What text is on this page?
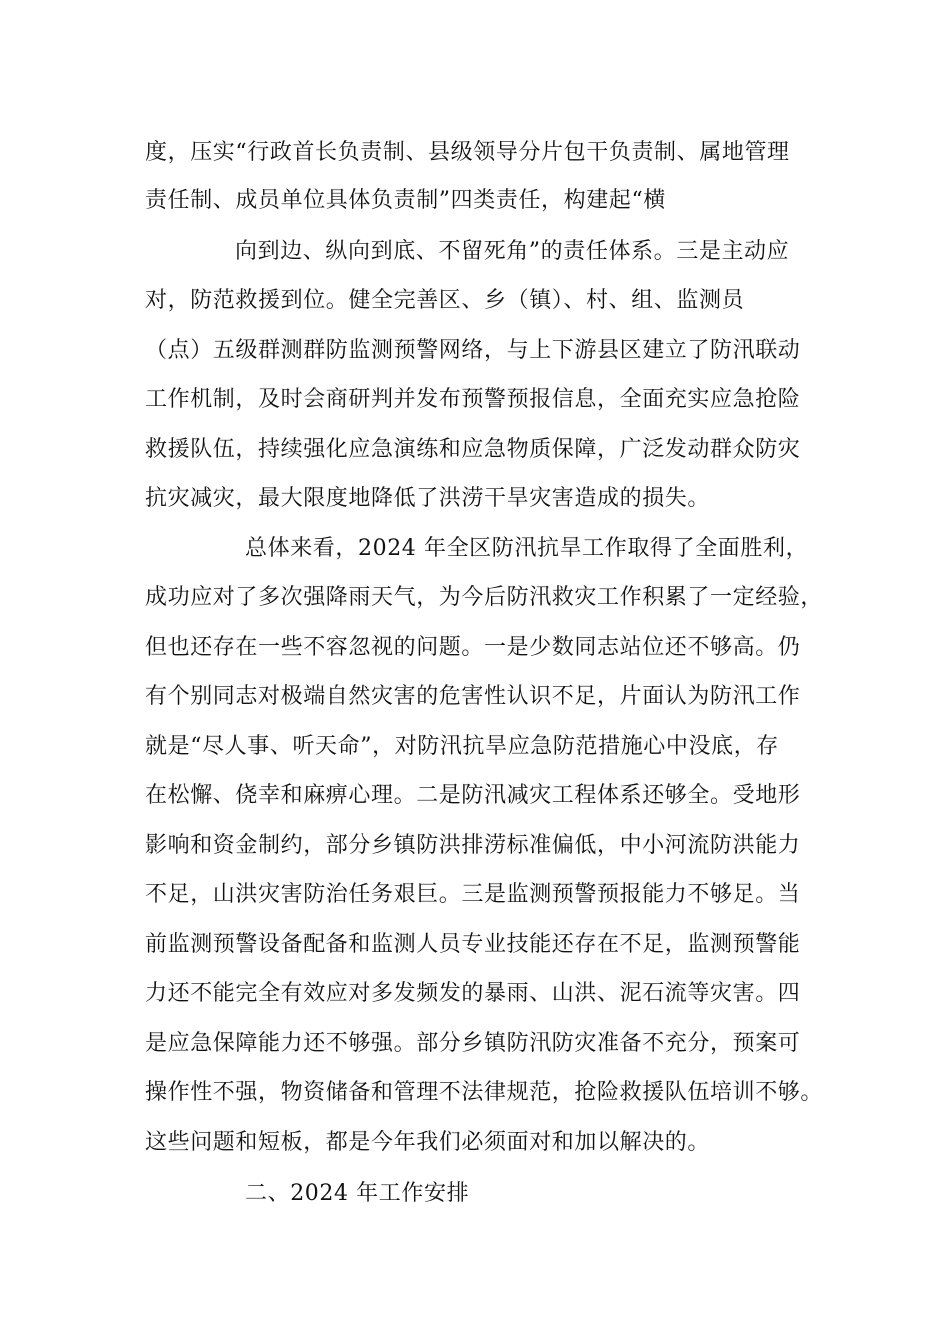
度，压实“行政首长负责制、县级领导分片包干负责制、属地管理
责任制、成员单位具体负责制”四类责任，构建起“横
向到边、纵向到底、不留死角”的责任体系。三是主动应
对，防范救援到位。健全完善区、乡（镇）、村、组、监测员
（点）五级群测群防监测预警网络，与上下游县区建立了防汛联动
工作机制，及时会商研判并发布预警预报信息，全面充实应急抢险
救援队伍，持续强化应急演练和应急物质保障，广泛发动群众防灾
抗灾减灾，最大限度地降低了洪涝干旱灾害造成的损失。
总体来看，2024 年全区防汛抗旱工作取得了全面胜利，
成功应对了多次强降雨天气，为今后防汛救灾工作积累了一定经验，
但也还存在一些不容忽视的问题。一是少数同志站位还不够高。仍
有个别同志对极端自然灾害的危害性认识不足，片面认为防汛工作
就是“尽人事、听天命”，对防汛抗旱应急防范措施心中没底，存
在松懈、侥幸和麻痹心理。二是防汛减灾工程体系还够全。受地形
影响和资金制约，部分乡镇防洪排涝标准偏低，中小河流防洪能力
不足，山洪灾害防治任务艰巨。三是监测预警预报能力不够足。当
前监测预警设备配备和监测人员专业技能还存在不足，监测预警能
力还不能完全有效应对多发频发的暴雨、山洪、泥石流等灾害。四
是应急保障能力还不够强。部分乡镇防汛防灾准备不充分，预案可
操作性不强，物资储备和管理不法律规范，抢险救援队伍培训不够。
这些问题和短板，都是今年我们必须面对和加以解决的。
二、2024 年工作安排
